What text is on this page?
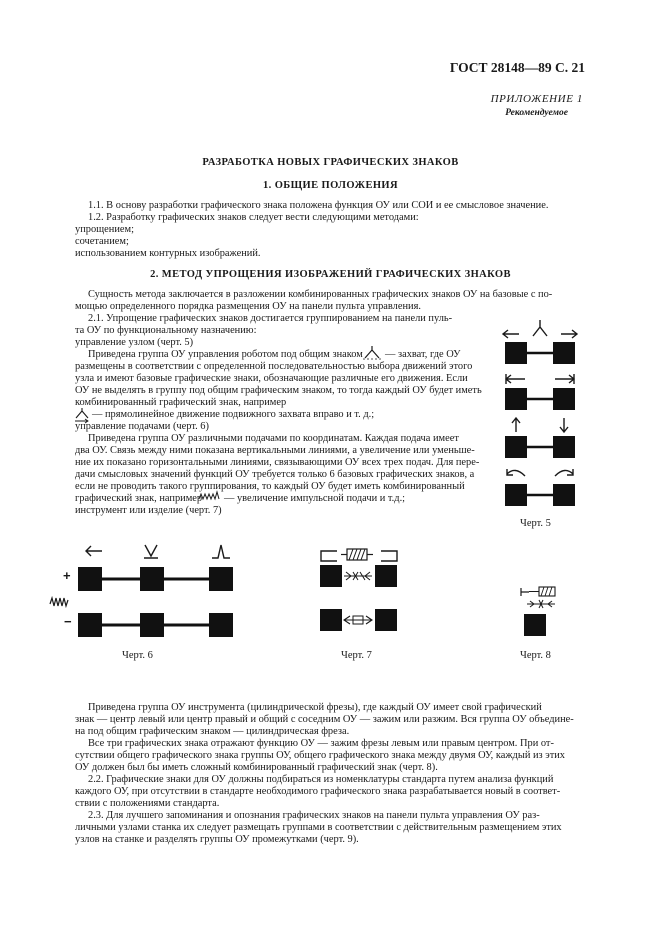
ГОСТ 28148—89 С. 21
ПРИЛОЖЕНИЕ 1
Рекомендуемое
РАЗРАБОТКА НОВЫХ ГРАФИЧЕСКИХ ЗНАКОВ
1. ОБЩИЕ ПОЛОЖЕНИЯ
1.1. В основу разработки графического знака положена функция ОУ или СОИ и ее смысловое значение.
1.2. Разработку графических знаков следует вести следующими методами:
упрощением;
сочетанием;
использованием контурных изображений.
2. МЕТОД УПРОЩЕНИЯ ИЗОБРАЖЕНИЙ ГРАФИЧЕСКИХ ЗНАКОВ
Сущность метода заключается в разложении комбинированных графических знаков ОУ на базовые с по-
мощью определенного порядка размещения ОУ на панели пульта управления.
2.1. Упрощение графических знаков достигается группированием на панели пуль-
та ОУ по функциональному назначению:
управление узлом (черт. 5)
Приведена группа ОУ управления роботом под общим знаком — захват, где ОУ
размещены в соответствии с определенной последовательностью выбора движений этого
узла и имеют базовые графические знаки, обозначающие различные его движения. Если
ОУ не выделять в группу под общим графическим знаком, то тогда каждый ОУ будет иметь
комбинированный графический знак, например
— прямолинейное движение подвижного захвата вправо и т. д.;
управление подачами (черт. 6)
Приведена группа ОУ различными подачами по координатам. Каждая подача имеет
два ОУ. Связь между ними показана вертикальными линиями, а увеличение или уменьше-
ние их показано горизонтальными линиями, связывающими ОУ всех трех подач. Для пере-
дачи смысловых значений функций ОУ требуется только 6 базовых графических знаков, а
если не проводить такого группирования, то каждый ОУ будет иметь комбинированный
графический знак, например — увеличение импульсной подачи и т.д.;
инструмент или изделие (черт. 7)
Черт. 5
+
−
Черт. 6	Черт. 7	Черт. 8
Приведена группа ОУ инструмента (цилиндрической фрезы), где каждый ОУ имеет свой графический
знак — центр левый или центр правый и общий с соседним ОУ — зажим или разжим. Вся группа ОУ объедине-
на под общим графическим знаком — цилиндрическая фреза.
Все три графических знака отражают функцию ОУ — зажим фрезы левым или правым центром. При от-
сутствии общего графического знака группы ОУ, общего графического знака между двумя ОУ, каждый из этих
ОУ должен был бы иметь сложный комбинированный графический знак (черт. 8).
2.2. Графические знаки для ОУ должны подбираться из номенклатуры стандарта путем анализа функций
каждого ОУ, при отсутствии в стандарте необходимого графического знака разрабатывается новый в соответ-
ствии с положениями стандарта.
2.3. Для лучшего запоминания и опознания графических знаков на панели пульта управления ОУ раз-
личными узлами станка их следует размещать группами в соответствии с действительным размещением этих
узлов на станке и разделять группы ОУ промежутками (черт. 9).
